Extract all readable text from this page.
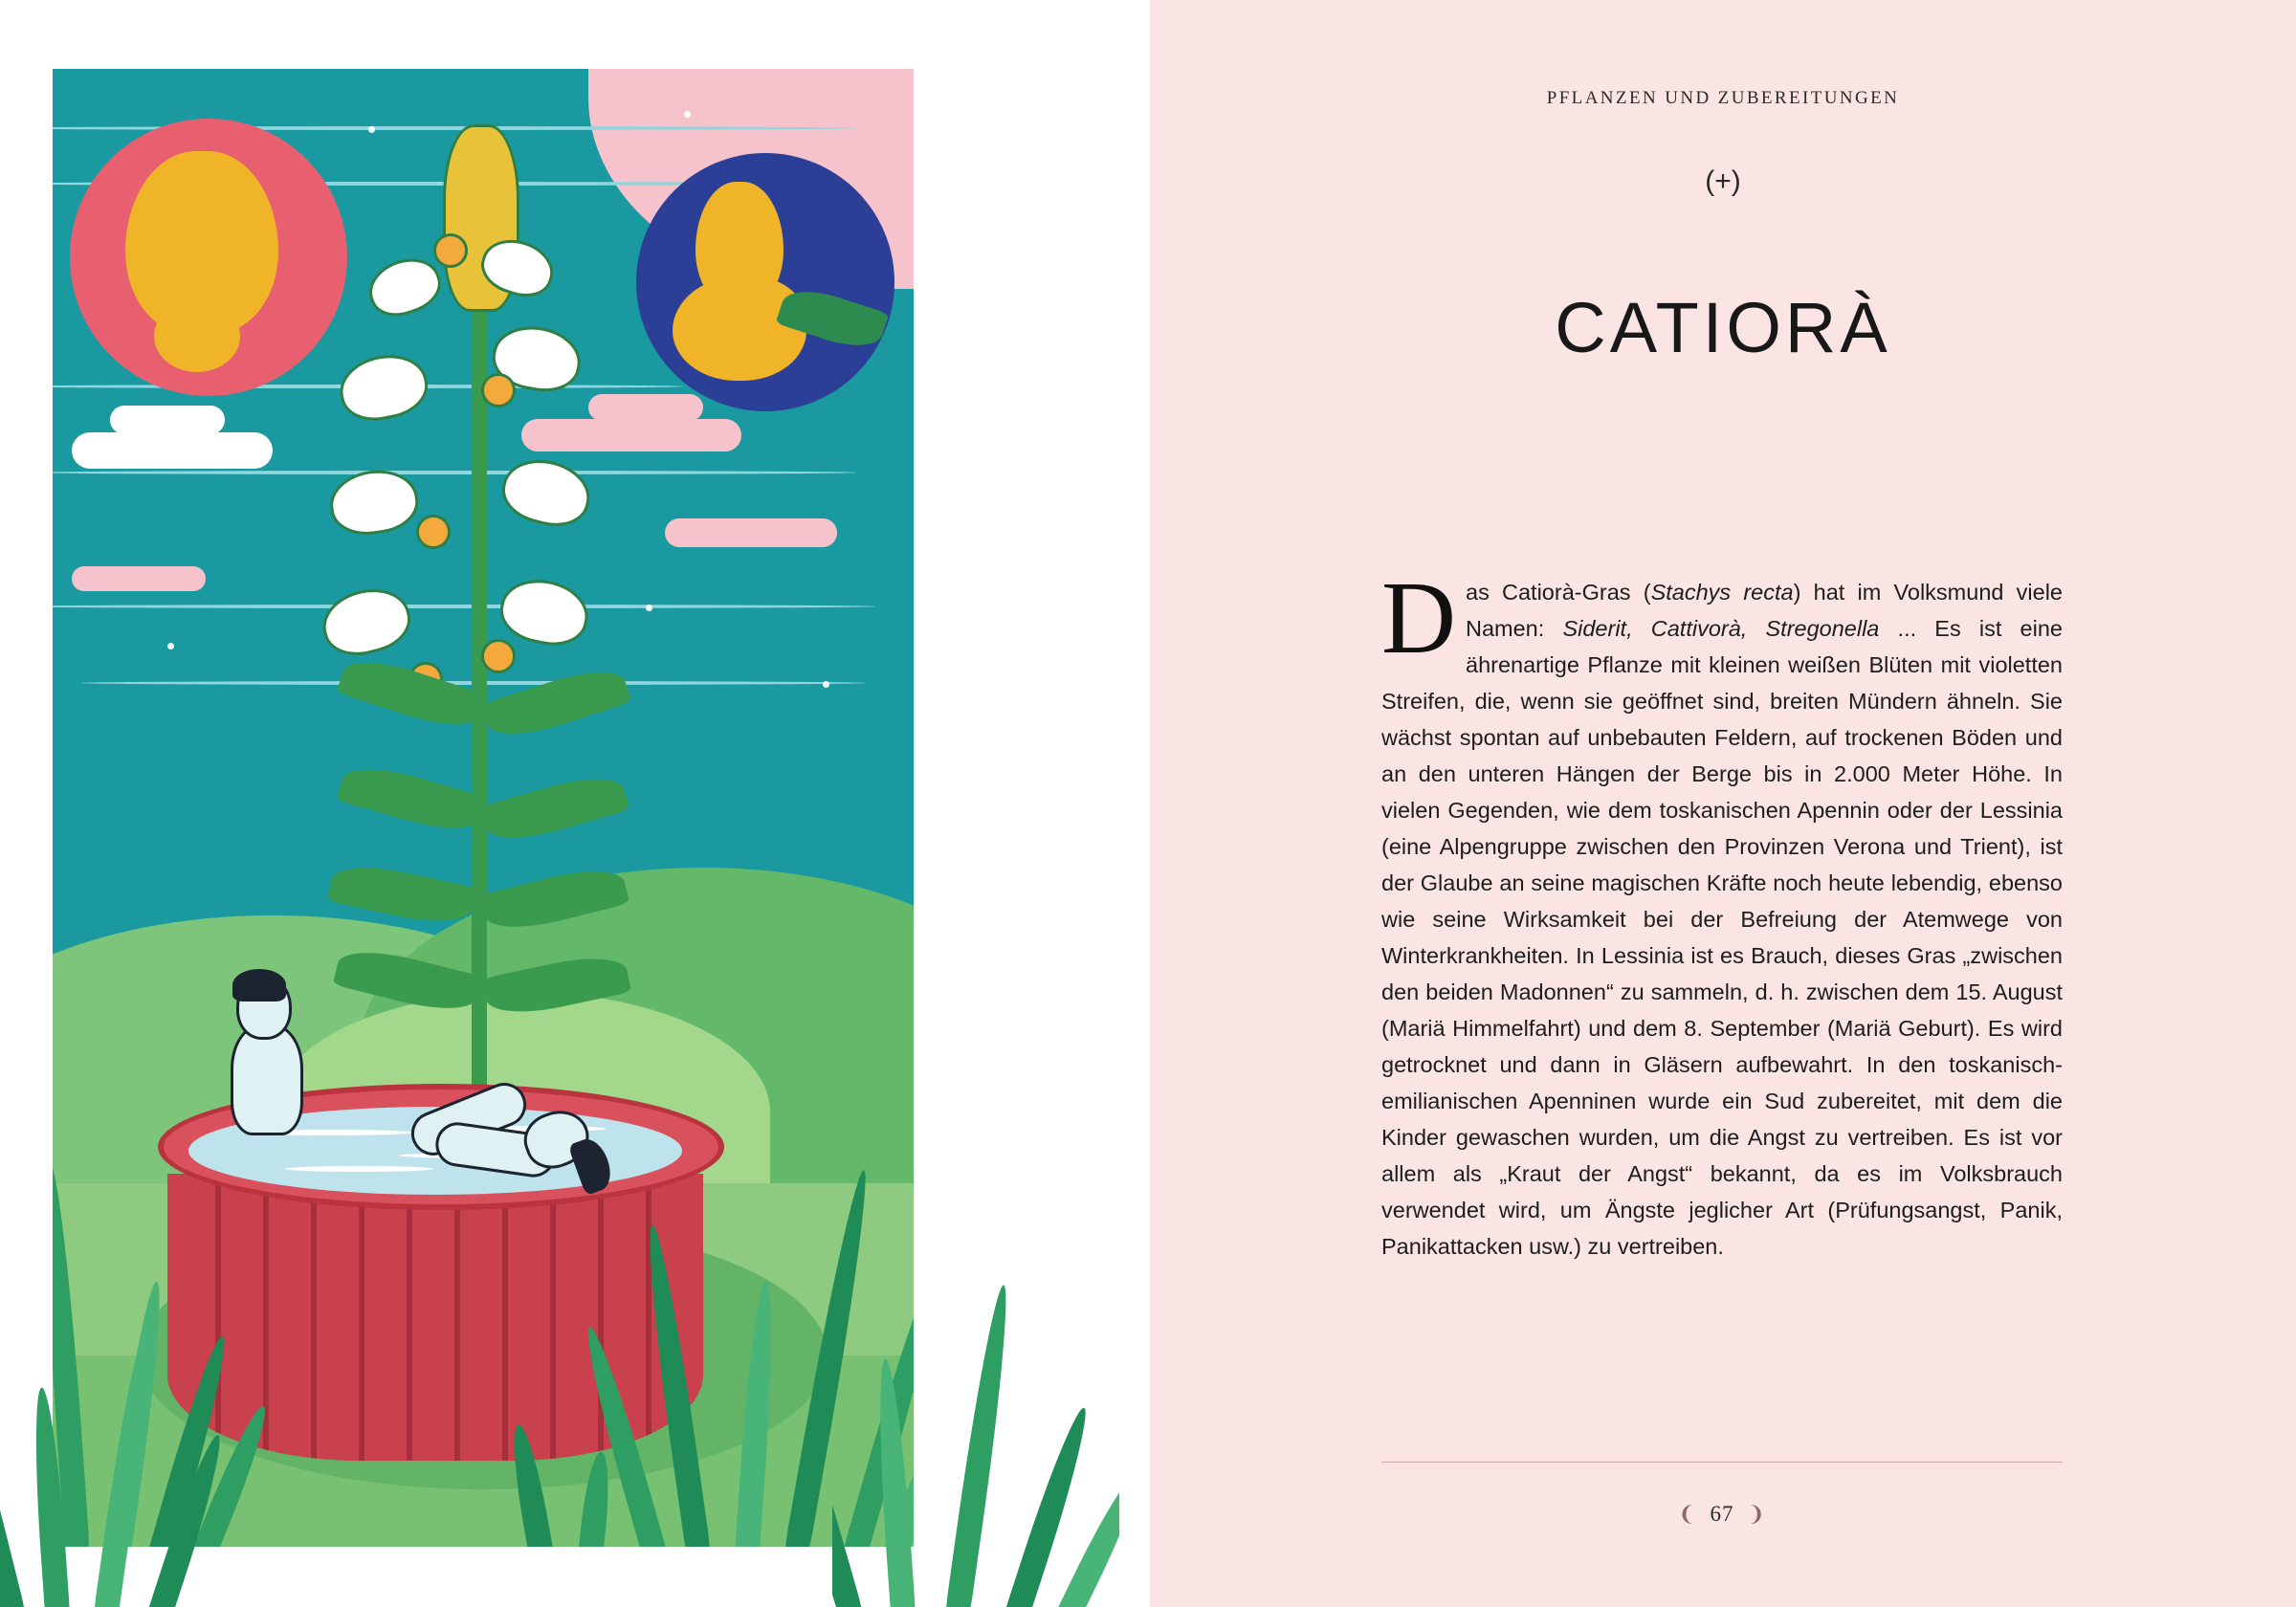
PFLANZEN UND ZUBEREITUNGEN
(+)
CATIORÀ
Das Catiorà-Gras (Stachys recta) hat im Volksmund viele Namen: Siderit, Cattivorà, Stregonella ... Es ist eine ährenartige Pflanze mit kleinen weißen Blüten mit violetten Streifen, die, wenn sie geöffnet sind, breiten Mündern ähneln. Sie wächst spontan auf unbebauten Feldern, auf trockenen Böden und an den unteren Hängen der Berge bis in 2.000 Meter Höhe. In vielen Gegenden, wie dem toskanischen Apennin oder der Lessinia (eine Alpengruppe zwischen den Provinzen Verona und Trient), ist der Glaube an seine magischen Kräfte noch heute lebendig, ebenso wie seine Wirksamkeit bei der Befreiung der Atemwege von Winterkrankheiten. In Lessinia ist es Brauch, dieses Gras „zwischen den beiden Madonnen“ zu sammeln, d. h. zwischen dem 15. August (Mariä Himmelfahrt) und dem 8. September (Mariä Geburt). Es wird getrocknet und dann in Gläsern aufbewahrt. In den toskanisch-emilianischen Apenninen wurde ein Sud zubereitet, mit dem die Kinder gewaschen wurden, um die Angst zu vertreiben. Es ist vor allem als „Kraut der Angst“ bekannt, da es im Volksbrauch verwendet wird, um Ängste jeglicher Art (Prüfungsangst, Panik, Panikattacken usw.) zu vertreiben.
❨ 67 ❩
